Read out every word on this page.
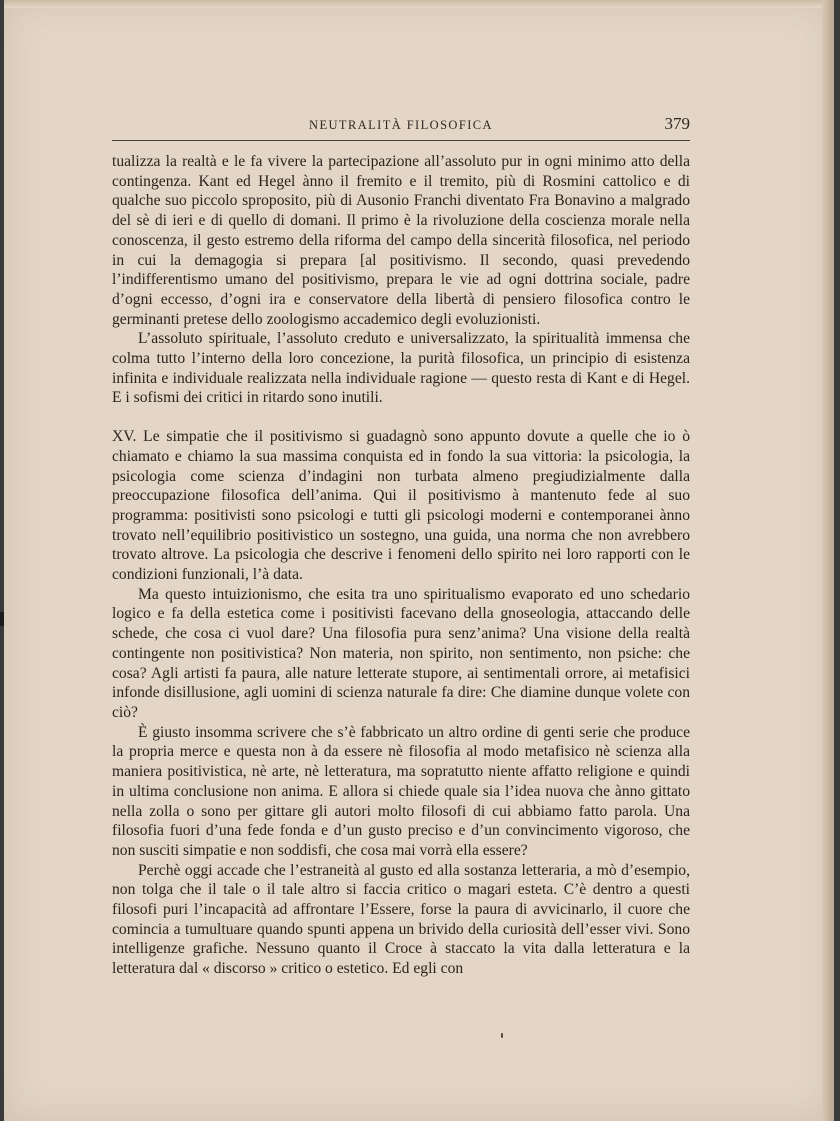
NEUTRALITÀ FILOSOFICA	379

tualizza la realtà e le fa vivere la partecipazione all’assoluto pur in ogni minimo atto della contingenza. Kant ed Hegel ànno il fremito e il tremito, più di Rosmini cattolico e di qualche suo piccolo sproposito, più di Ausonio Franchi diventato Fra Bonavino a malgrado del sè di ieri e di quello di domani. Il primo è la rivoluzione della coscienza morale nella conoscenza, il gesto estremo della riforma del campo della sincerità filosofica, nel periodo in cui la demagogia si prepara [al positivismo. Il secondo, quasi prevedendo l’indifferentismo umano del positivismo, prepara le vie ad ogni dottrina sociale, padre d’ogni eccesso, d’ogni ira e conservatore della libertà di pensiero filosofica contro le germinanti pretese dello zoologismo accademico degli evoluzionisti.

L’assoluto spirituale, l’assoluto creduto e universalizzato, la spiritualità immensa che colma tutto l’interno della loro concezione, la purità filosofica, un principio di esistenza infinita e individuale realizzata nella individuale ragione — questo resta di Kant e di Hegel. E i sofismi dei critici in ritardo sono inutili.

XV. Le simpatie che il positivismo si guadagnò sono appunto dovute a quelle che io ò chiamato e chiamo la sua massima conquista ed in fondo la sua vittoria: la psicologia, la psicologia come scienza d’indagini non turbata almeno pregiudizialmente dalla preoccupazione filosofica dell’anima. Qui il positivismo à mantenuto fede al suo programma: positivisti sono psicologi e tutti gli psicologi moderni e contemporanei ànno trovato nell’equilibrio positivistico un sostegno, una guida, una norma che non avrebbero trovato altrove. La psicologia che descrive i fenomeni dello spirito nei loro rapporti con le condizioni funzionali, l’à data.

Ma questo intuizionismo, che esita tra uno spiritualismo evaporato ed uno schedario logico e fa della estetica come i positivisti facevano della gnoseologia, attaccando delle schede, che cosa ci vuol dare? Una filosofia pura senz’anima? Una visione della realtà contingente non positivistica? Non materia, non spirito, non sentimento, non psiche: che cosa? Agli artisti fa paura, alle nature letterate stupore, ai sentimentali orrore, ai metafisici infonde disillusione, agli uomini di scienza naturale fa dire: Che diamine dunque volete con ciò?

È giusto insomma scrivere che s’è fabbricato un altro ordine di genti serie che produce la propria merce e questa non à da essere nè filosofia al modo metafisico nè scienza alla maniera positivistica, nè arte, nè letteratura, ma sopratutto niente affatto religione e quindi in ultima conclusione non anima. E allora si chiede quale sia l’idea nuova che ànno gittato nella zolla o sono per gittare gli autori molto filosofi di cui abbiamo fatto parola. Una filosofia fuori d’una fede fonda e d’un gusto preciso e d’un convincimento vigoroso, che non susciti simpatie e non soddisfi, che cosa mai vorrà ella essere?

Perchè oggi accade che l’estraneità al gusto ed alla sostanza letteraria, a mò d’esempio, non tolga che il tale o il tale altro si faccia critico o magari esteta. C’è dentro a questi filosofi puri l’incapacità ad affrontare l’Essere, forse la paura di avvicinarlo, il cuore che comincia a tumultuare quando spunti appena un brivido della curiosità dell’esser vivi. Sono intelligenze grafiche. Nessuno quanto il Croce à staccato la vita dalla letteratura e la letteratura dal « discorso » critico o estetico. Ed egli con
